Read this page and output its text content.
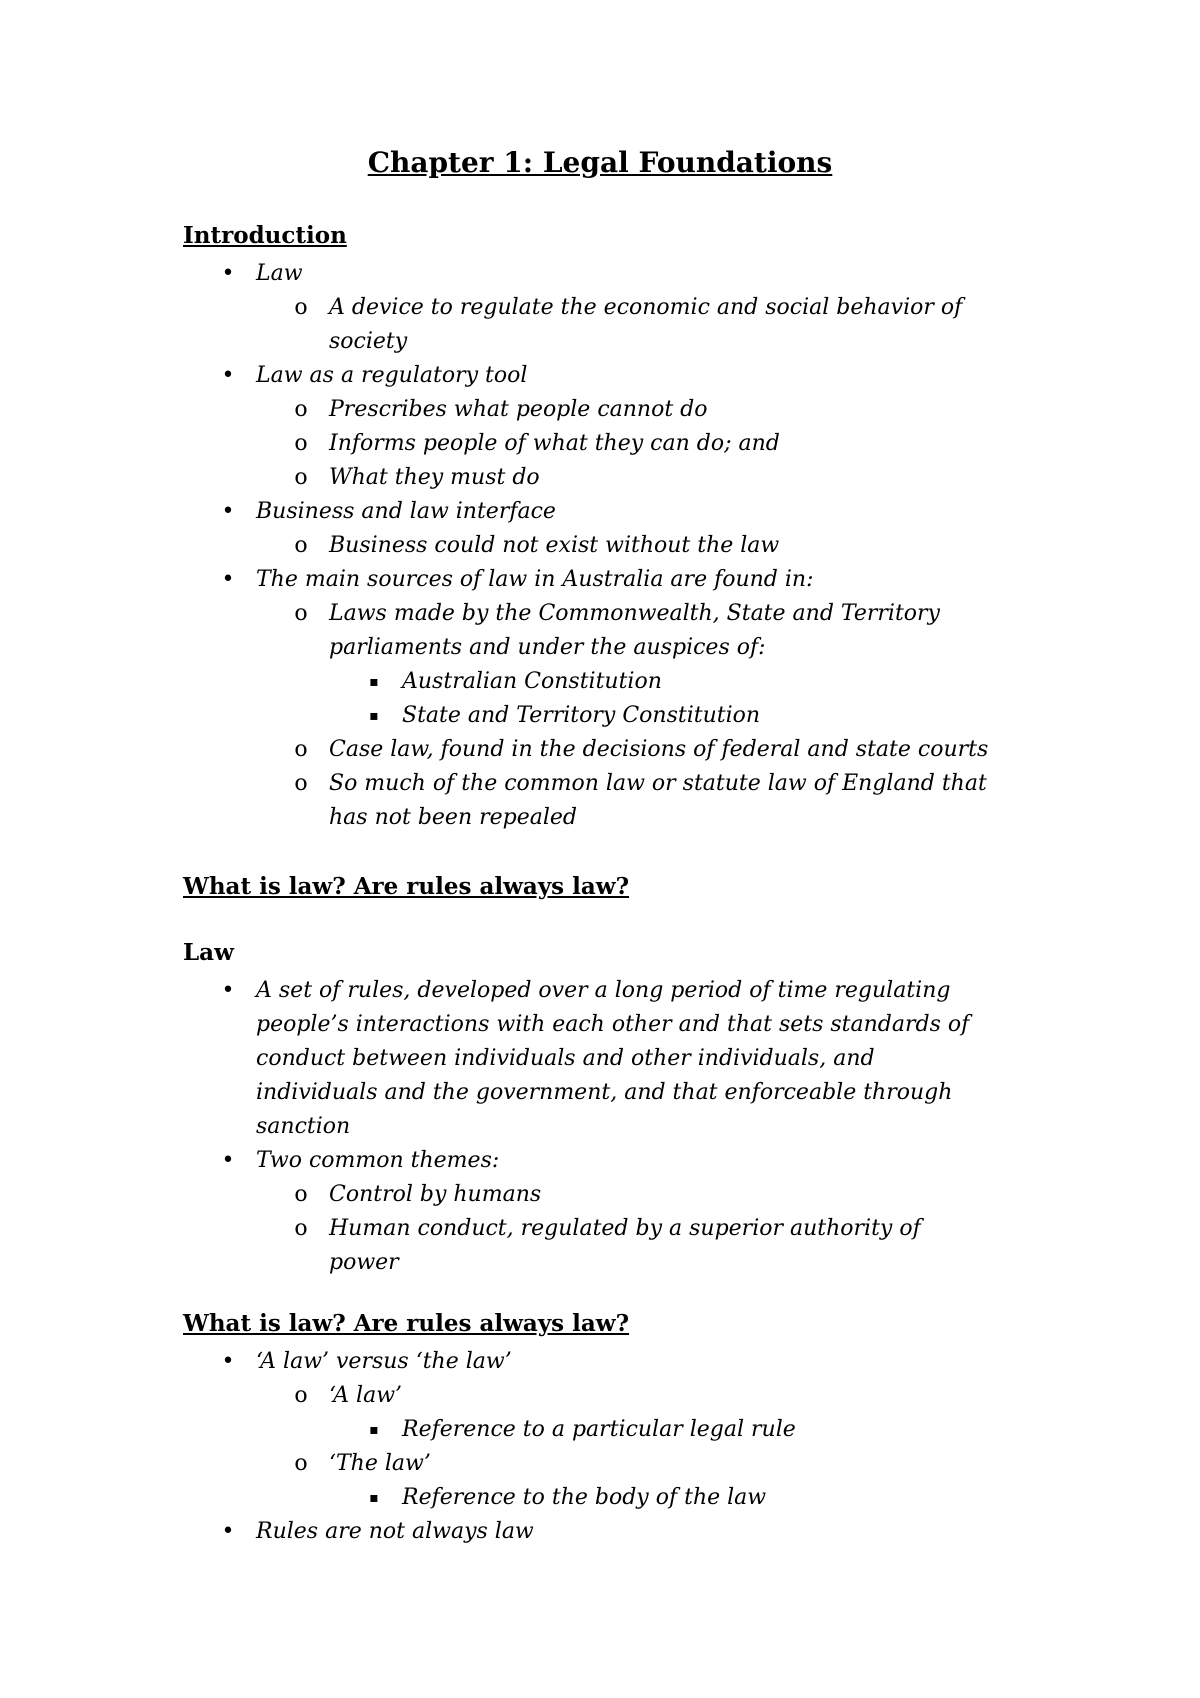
Chapter 1: Legal Foundations
Introduction
• Law
o A device to regulate the economic and social behavior of
society
• Law as a regulatory tool
o Prescribes what people cannot do
o Informs people of what they can do; and
o What they must do
• Business and law interface
o Business could not exist without the law
• The main sources of law in Australia are found in:
o Laws made by the Commonwealth, State and Territory
parliaments and under the auspices of:
▪ Australian Constitution
▪ State and Territory Constitution
o Case law, found in the decisions of federal and state courts
o So much of the common law or statute law of England that
has not been repealed
What is law? Are rules always law?
Law
• A set of rules, developed over a long period of time regulating
people’s interactions with each other and that sets standards of
conduct between individuals and other individuals, and
individuals and the government, and that enforceable through
sanction
• Two common themes:
o Control by humans
o Human conduct, regulated by a superior authority of
power
What is law? Are rules always law?
• ‘A law’ versus ‘the law’
o ‘A law’
▪ Reference to a particular legal rule
o ‘The law’
▪ Reference to the body of the law
• Rules are not always law
